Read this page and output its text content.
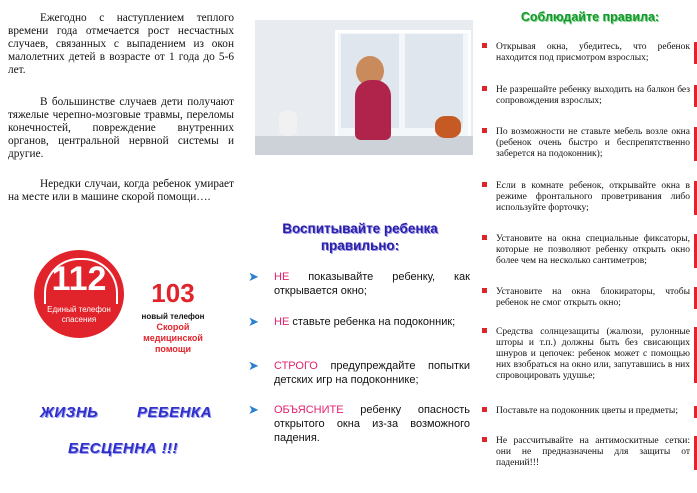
Ежегодно с наступлением теплого времени года отмечается рост несчастных случаев, связанных с выпадением из окон малолетних детей в возрасте от 1 года до 5-6 лет.
В большинстве случаев дети получают тяжелые черепно-мозговые травмы, переломы конечностей, повреждение внутренних органов, центральной нервной системы и другие.
Нередки случаи, когда ребенок умирает на месте или в машине скорой помощи….
112
Единый телефон спасения
103
новый телефон
Скорой медицинской помощи
ЖИЗНЬ	РЕБЕНКА
БЕСЦЕННА !!!
Воспитывайте ребенка правильно:
➤ НЕ показывайте ребенку, как открывается окно;
➤ НЕ ставьте ребенка на подоконник;
➤ СТРОГО предупреждайте попытки детских игр на подоконнике;
➤ ОБЪЯСНИТЕ ребенку опасность открытого окна из-за возможного падения.
Соблюдайте правила:
Открывая окна, убедитесь, что ребенок находится под присмотром взрослых;
Не разрешайте ребенку выходить на балкон без сопровождения взрослых;
По возможности не ставьте мебель возле окна (ребенок очень быстро и беспрепятственно заберется на подоконник);
Если в комнате ребенок, открывайте окна в режиме фронтального проветривания либо используйте форточку;
Установите на окна специальные фиксаторы, которые не позволяют ребенку открыть окно более чем на несколько сантиметров;
Установите на окна блокираторы, чтобы ребенок не смог открыть окно;
Средства солнцезащиты (жалюзи, рулонные шторы и т.п.) должны быть без свисающих шнуров и цепочек: ребенок может с помощью них взобраться на окно или, запутавшись в них спровоцировать удушье;
Поставьте на подоконник цветы и предметы;
Не рассчитывайте на антимоскитные сетки: они не предназначены для защиты от падений!!!
